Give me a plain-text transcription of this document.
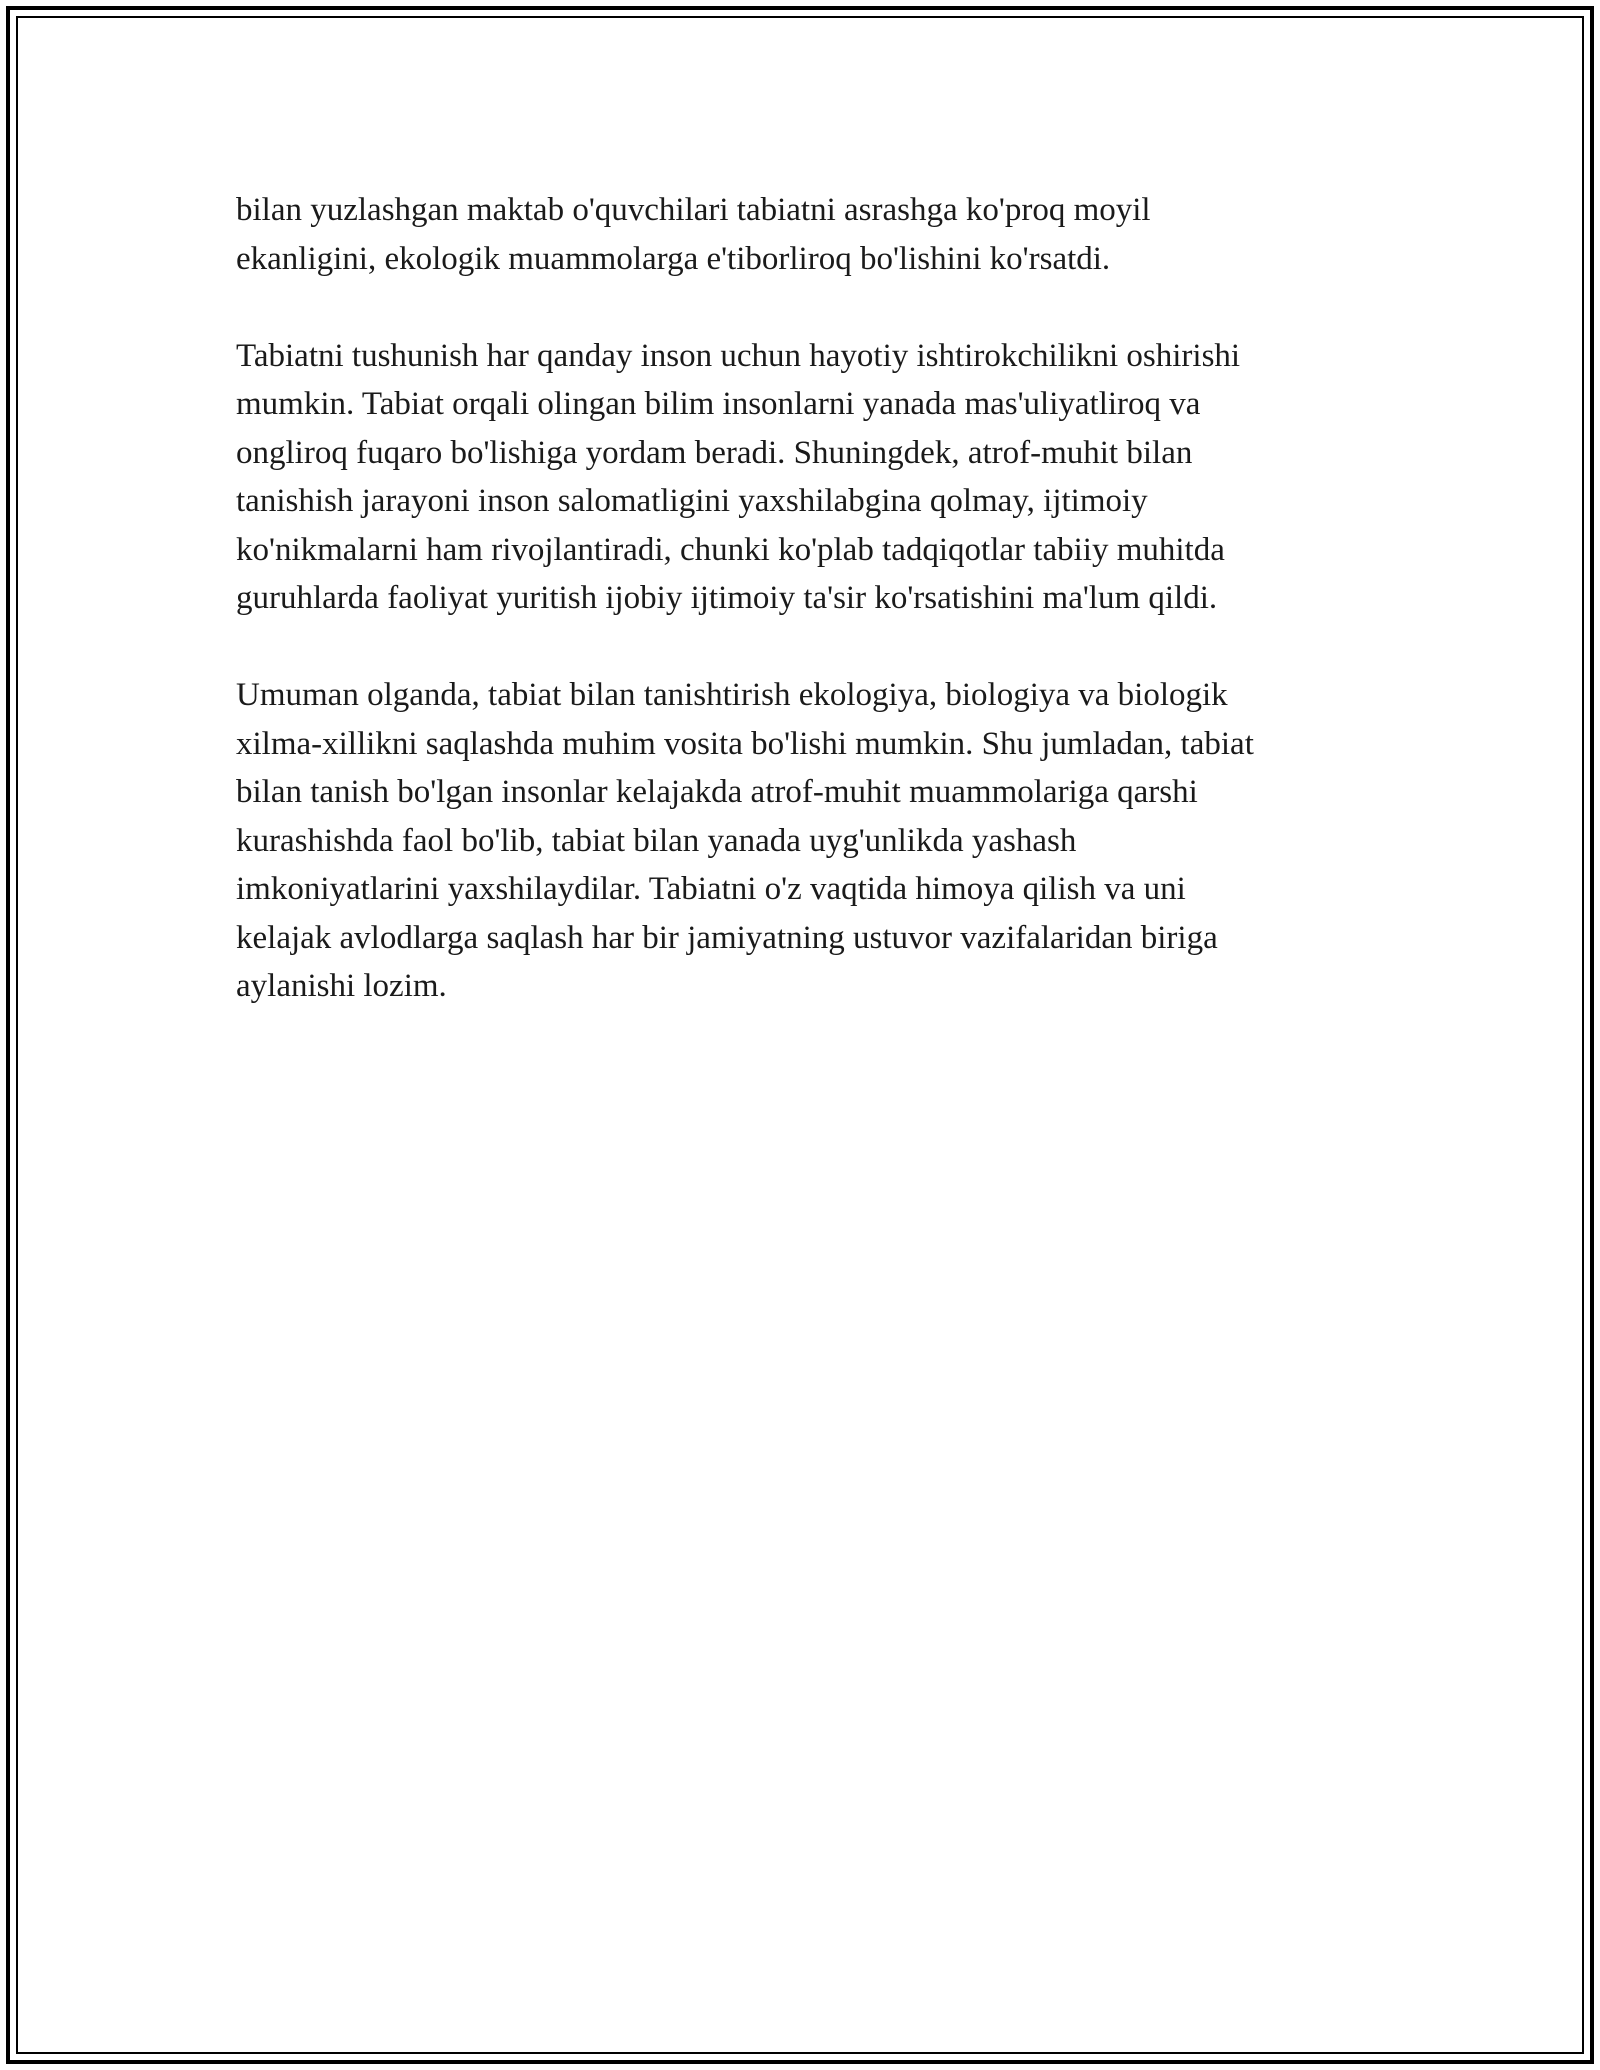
bilan yuzlashgan maktab o'quvchilari tabiatni asrashga ko'proq moyil
ekanligini, ekologik muammolarga e'tiborliroq bo'lishini ko'rsatdi.

Tabiatni tushunish har qanday inson uchun hayotiy ishtirokchilikni oshirishi
mumkin. Tabiat orqali olingan bilim insonlarni yanada mas'uliyatliroq va
ongliroq fuqaro bo'lishiga yordam beradi. Shuningdek, atrof-muhit bilan
tanishish jarayoni inson salomatligini yaxshilabgina qolmay, ijtimoiy
ko'nikmalarni ham rivojlantiradi, chunki ko'plab tadqiqotlar tabiiy muhitda
guruhlarda faoliyat yuritish ijobiy ijtimoiy ta'sir ko'rsatishini ma'lum qildi.

Umuman olganda, tabiat bilan tanishtirish ekologiya, biologiya va biologik
xilma-xillikni saqlashda muhim vosita bo'lishi mumkin. Shu jumladan, tabiat
bilan tanish bo'lgan insonlar kelajakda atrof-muhit muammolariga qarshi
kurashishda faol bo'lib, tabiat bilan yanada uyg'unlikda yashash
imkoniyatlarini yaxshilaydilar. Tabiatni o'z vaqtida himoya qilish va uni
kelajak avlodlarga saqlash har bir jamiyatning ustuvor vazifalaridan biriga
aylanishi lozim.
